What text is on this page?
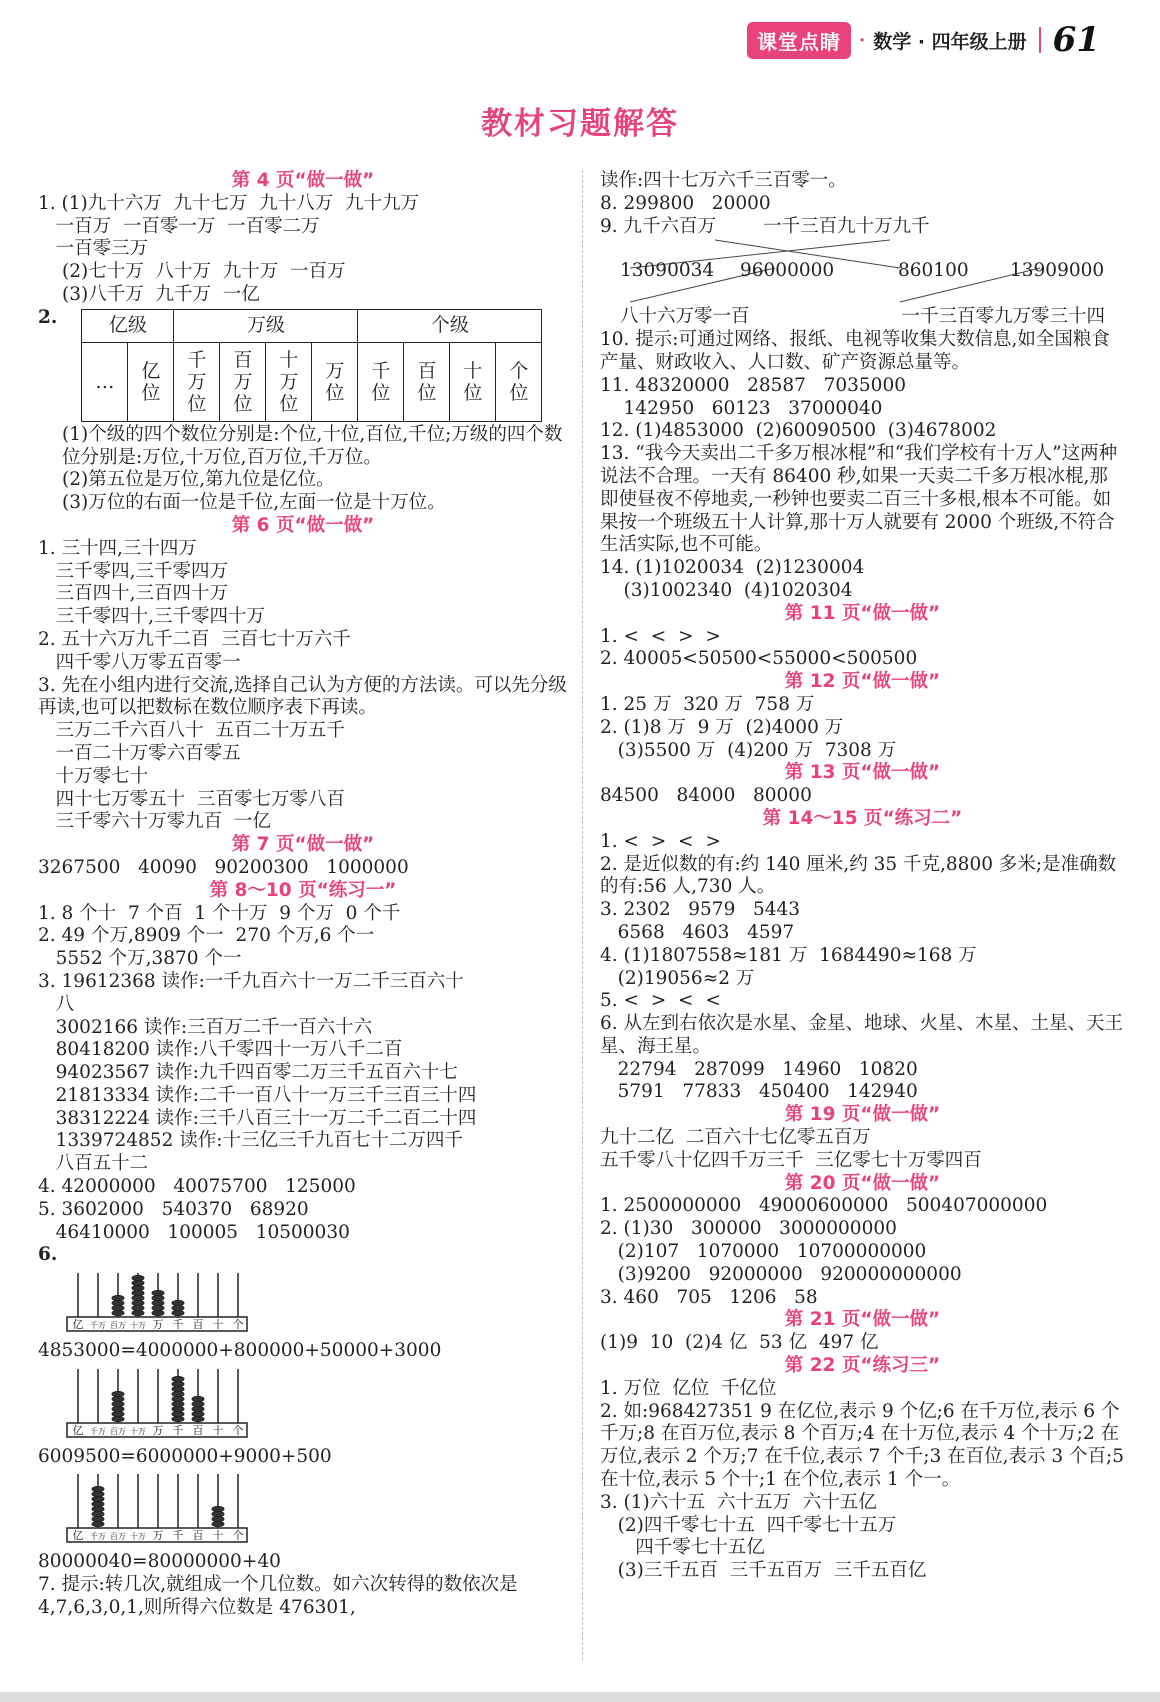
课堂点睛	· 数学 · 四年级上册 61
教材习题解答
第 4 页“做一做”
1. (1)九十六万  九十七万  九十八万  九十九万
一百万  一百零一万  一百零二万
一百零三万
(2)七十万  八十万  九十万  一百万
(3)八千万  九千万  一亿
2.	亿级		万级				个级			
…	亿位	千万位	百万位	十万位	万位	千位	百位	十位	个位
(1)个级的四个数位分别是:个位,十位,百位,千位;万级的四个数位分别是:万位,十万位,百万位,千万位。
(2)第五位是万位,第九位是亿位。
(3)万位的右面一位是千位,左面一位是十万位。
第 6 页“做一做”
1. 三十四,三十四万
三千零四,三千零四万
三百四十,三百四十万
三千零四十,三千零四十万
2. 五十六万九千二百  三百七十万六千
四千零八万零五百零一
3. 先在小组内进行交流,选择自己认为方便的方法读。可以先分级再读,也可以把数标在数位顺序表下再读。
三万二千六百八十  五百二十万五千
一百二十万零六百零五
十万零七十
四十七万零五十  三百零七万零八百
三千零六十万零九百  一亿
第 7 页“做一做”
3267500   40090   90200300   1000000
第 8～10 页“练习一”
1. 8 个十  7 个百  1 个十万  9 个万  0 个千
2. 49 个万,8909 个一  270 个万,6 个一
5552 个万,3870 个一
3. 19612368 读作:一千九百六十一万二千三百六十
八
3002166 读作:三百万二千一百六十六
80418200 读作:八千零四十一万八千二百
94023567 读作:九千四百零二万三千五百六十七
21813334 读作:二千一百八十一万三千三百三十四
38312224 读作:三千八百三十一万二千二百二十四
1339724852 读作:十三亿三千九百七十二万四千
八百五十二
4. 42000000   40075700   125000
5. 3602000   540370   68920
46410000   100005   10500030
6.
亿 千万 百万 十万 万 千 百 十 个
4853000=4000000+800000+50000+3000
亿 千万 百万 十万 万 千 百 十 个
6009500=6000000+9000+500
亿 千万 百万 十万 万 千 百 十 个
80000040=80000000+40
7. 提示:转几次,就组成一个几位数。如六次转得的数依次是 4,7,6,3,0,1,则所得六位数是 476301,
读作:四十七万六千三百零一。
8. 299800   20000
9. 九千六百万        一千三百九十万九千
13090034 96000000	860100 13909000
八十六万零一百	一千三百零九万零三十四
10. 提示:可通过网络、报纸、电视等收集大数信息,如全国粮食产量、财政收入、人口数、矿产资源总量等。
11. 48320000   28587   7035000
142950   60123   37000040
12. (1)4853000  (2)60090500  (3)4678002
13. “我今天卖出二千多万根冰棍”和“我们学校有十万人”这两种说法不合理。一天有 86400 秒,如果一天卖二千多万根冰棍,那即使昼夜不停地卖,一秒钟也要卖二百三十多根,根本不可能。如果按一个班级五十人计算,那十万人就要有 2000 个班级,不符合生活实际,也不可能。
14. (1)1020034  (2)1230004
(3)1002340  (4)1020304
第 11 页“做一做”
1. <  <  >  >
2. 40005<50500<55000<500500
第 12 页“做一做”
1. 25 万  320 万  758 万
2. (1)8 万  9 万  (2)4000 万
(3)5500 万  (4)200 万  7308 万
第 13 页“做一做”
84500   84000   80000
第 14～15 页“练习二”
1. <  >  <  >
2. 是近似数的有:约 140 厘米,约 35 千克,8800 多米;是准确数的有:56 人,730 人。
3. 2302   9579   5443
6568   4603   4597
4. (1)1807558≈181 万  1684490≈168 万
(2)19056≈2 万
5. <  >  <  <
6. 从左到右依次是水星、金星、地球、火星、木星、土星、天王星、海王星。
22794   287099   14960   10820
5791   77833   450400   142940
第 19 页“做一做”
九十二亿  二百六十七亿零五百万
五千零八十亿四千万三千  三亿零七十万零四百
第 20 页“做一做”
1. 2500000000   49000600000   500407000000
2. (1)30   300000   3000000000
(2)107   1070000   10700000000
(3)9200   92000000   920000000000
3. 460   705   1206   58
第 21 页“做一做”
(1)9  10  (2)4 亿  53 亿  497 亿
第 22 页“练习三”
1. 万位  亿位  千亿位
2. 如:968427351 9 在亿位,表示 9 个亿;6 在千万位,表示 6 个千万;8 在百万位,表示 8 个百万;4 在十万位,表示 4 个十万;2 在万位,表示 2 个万;7 在千位,表示 7 个千;3 在百位,表示 3 个百;5 在十位,表示 5 个十;1 在个位,表示 1 个一。
3. (1)六十五  六十五万  六十五亿
(2)四千零七十五  四千零七十五万
四千零七十五亿
(3)三千五百  三千五百万  三千五百亿
